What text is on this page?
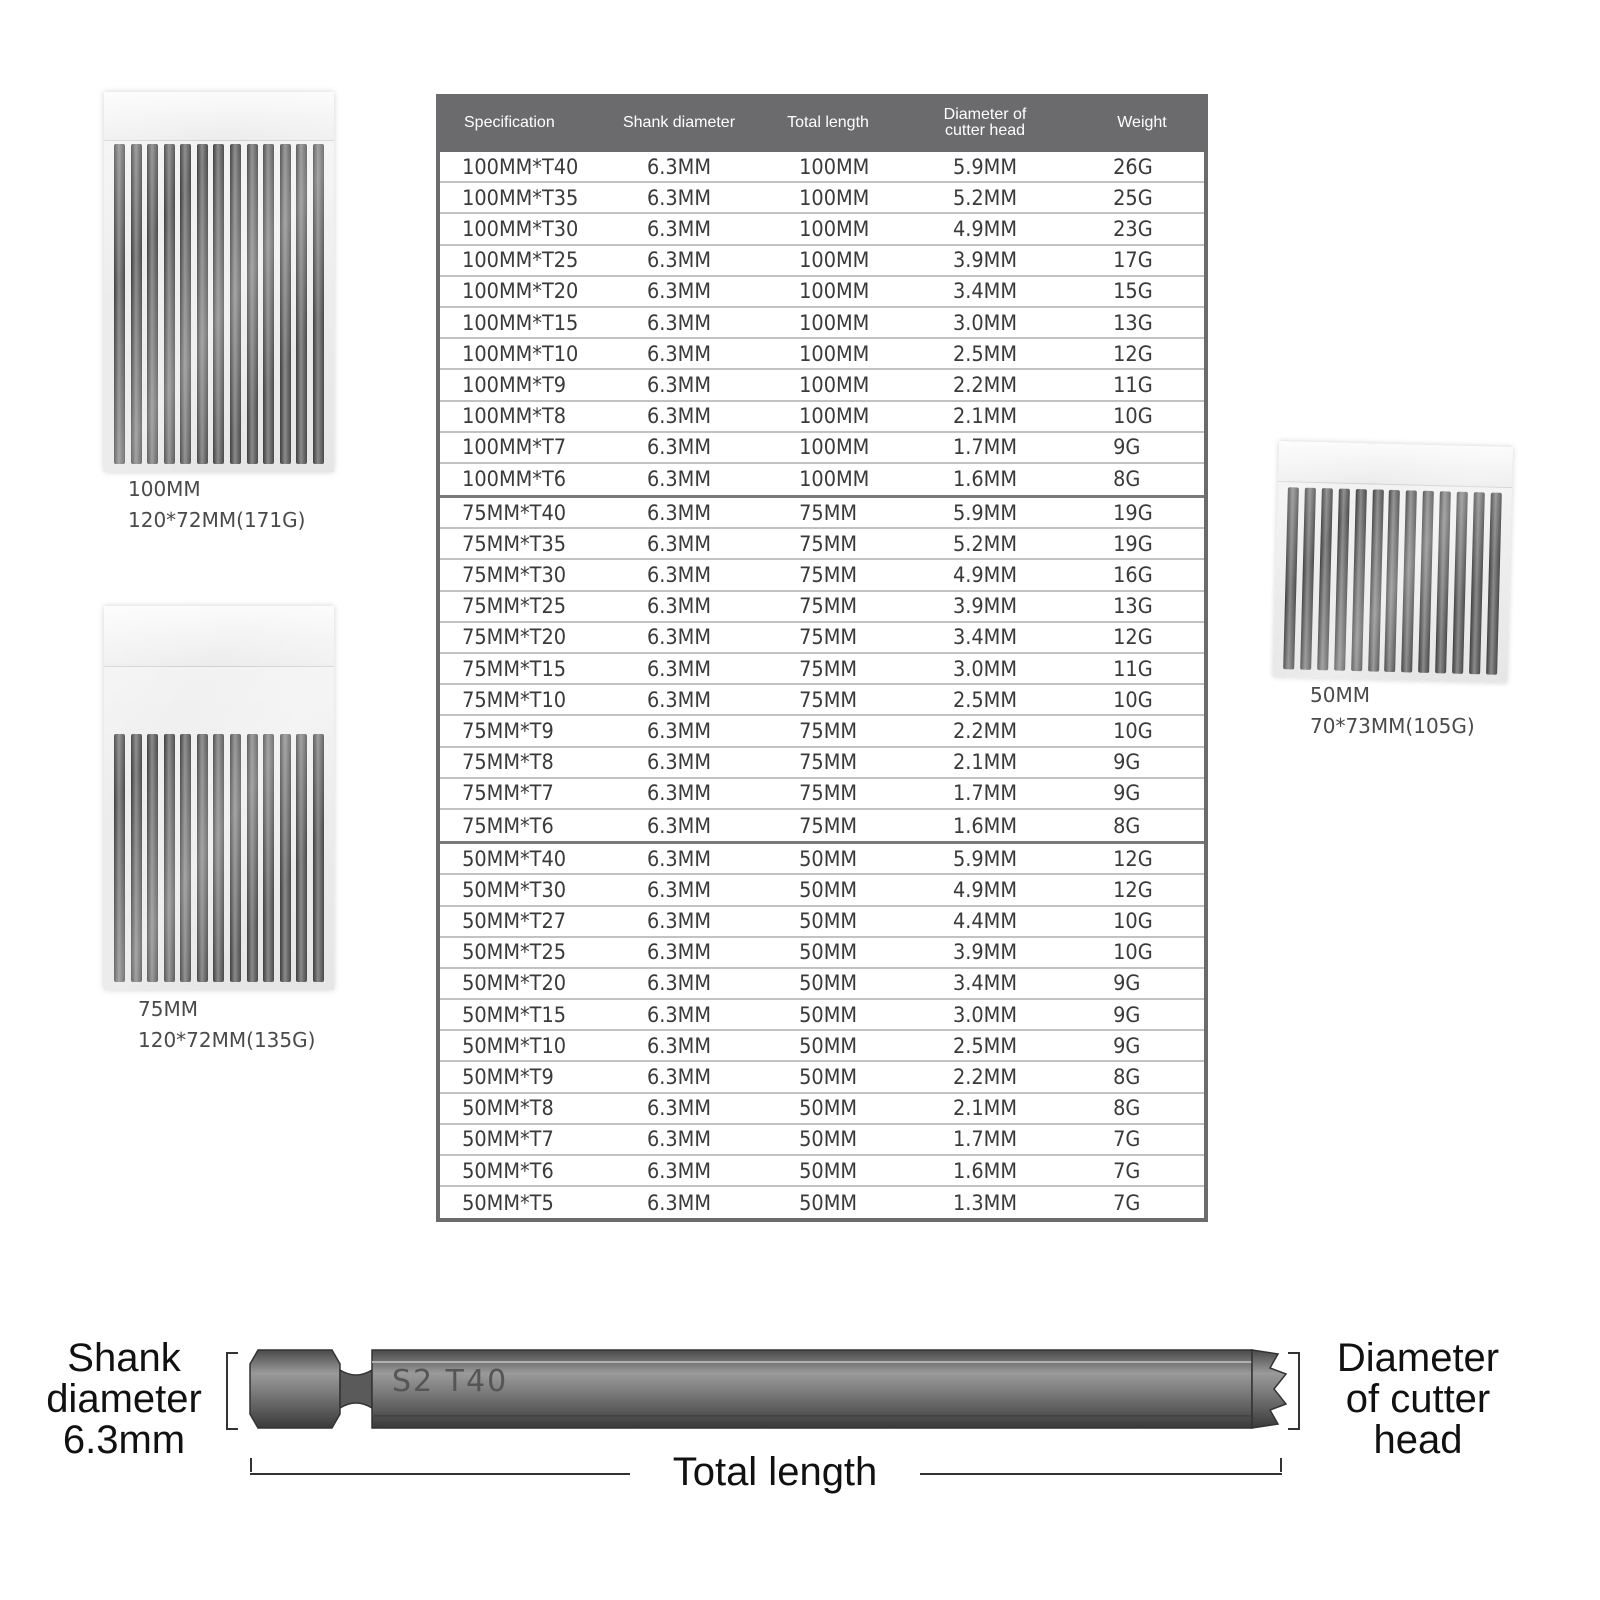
100MM
120*72MM(171G)
75MM
120*72MM(135G)
50MM
70*73MM(105G)
Specification	Shank diameter	Total length	Diameter of cutter head	Weight
100MM*T40	6.3MM	100MM	5.9MM	26G
100MM*T35	6.3MM	100MM	5.2MM	25G
100MM*T30	6.3MM	100MM	4.9MM	23G
100MM*T25	6.3MM	100MM	3.9MM	17G
100MM*T20	6.3MM	100MM	3.4MM	15G
100MM*T15	6.3MM	100MM	3.0MM	13G
100MM*T10	6.3MM	100MM	2.5MM	12G
100MM*T9	6.3MM	100MM	2.2MM	11G
100MM*T8	6.3MM	100MM	2.1MM	10G
100MM*T7	6.3MM	100MM	1.7MM	9G
100MM*T6	6.3MM	100MM	1.6MM	8G
75MM*T40	6.3MM	75MM	5.9MM	19G
75MM*T35	6.3MM	75MM	5.2MM	19G
75MM*T30	6.3MM	75MM	4.9MM	16G
75MM*T25	6.3MM	75MM	3.9MM	13G
75MM*T20	6.3MM	75MM	3.4MM	12G
75MM*T15	6.3MM	75MM	3.0MM	11G
75MM*T10	6.3MM	75MM	2.5MM	10G
75MM*T9	6.3MM	75MM	2.2MM	10G
75MM*T8	6.3MM	75MM	2.1MM	9G
75MM*T7	6.3MM	75MM	1.7MM	9G
75MM*T6	6.3MM	75MM	1.6MM	8G
50MM*T40	6.3MM	50MM	5.9MM	12G
50MM*T30	6.3MM	50MM	4.9MM	12G
50MM*T27	6.3MM	50MM	4.4MM	10G
50MM*T25	6.3MM	50MM	3.9MM	10G
50MM*T20	6.3MM	50MM	3.4MM	9G
50MM*T15	6.3MM	50MM	3.0MM	9G
50MM*T10	6.3MM	50MM	2.5MM	9G
50MM*T9	6.3MM	50MM	2.2MM	8G
50MM*T8	6.3MM	50MM	2.1MM	8G
50MM*T7	6.3MM	50MM	1.7MM	7G
50MM*T6	6.3MM	50MM	1.6MM	7G
50MM*T5	6.3MM	50MM	1.3MM	7G
Shank
diameter
6.3mm
S2 T40
Diameter
of cutter
head
Total length
